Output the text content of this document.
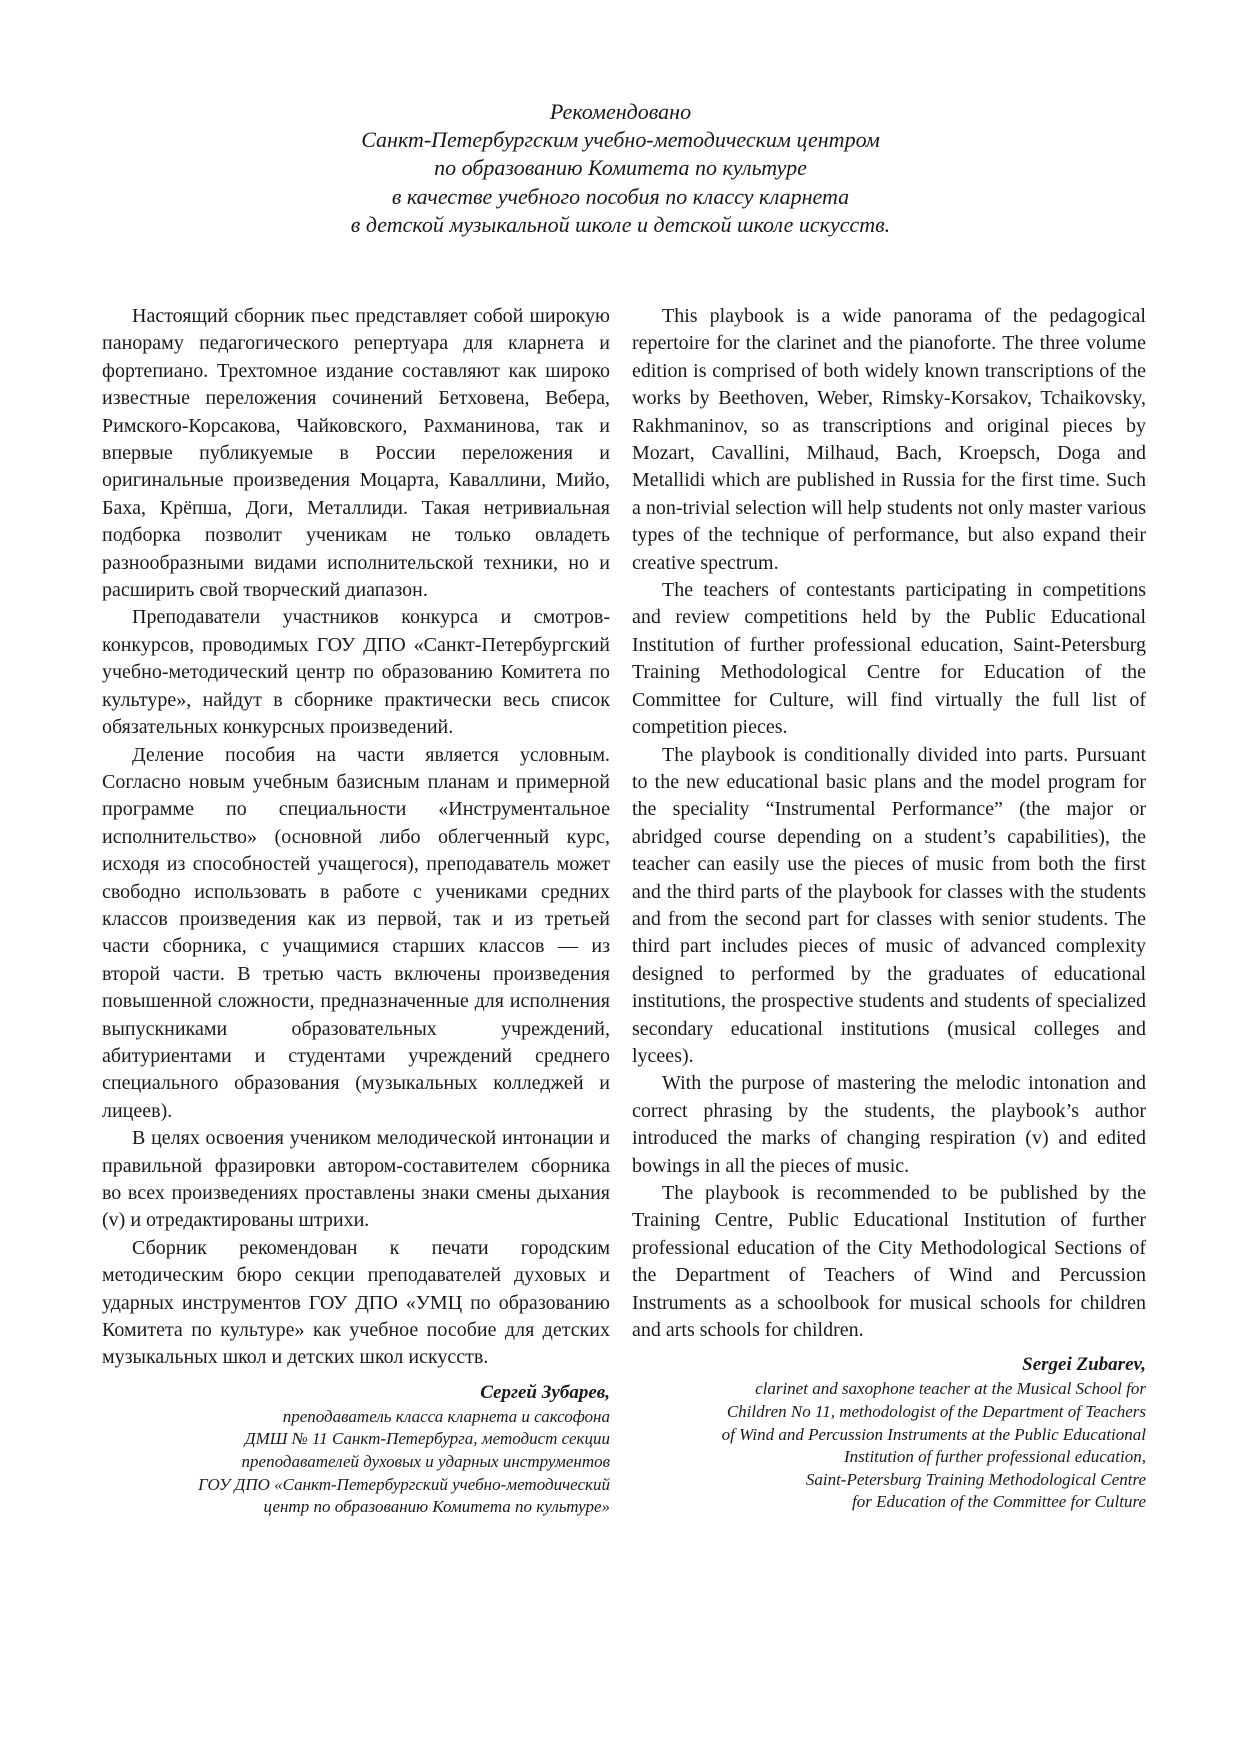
Рекомендовано
Санкт-Петербургским учебно-методическим центром
по образованию Комитета по культуре
в качестве учебного пособия по классу кларнета
в детской музыкальной школе и детской школе искусств.

Настоящий сборник пьес представляет собой широкую панораму педагогического репертуара для кларнета и фортепиано. Трехтомное издание составляют как широко известные переложения сочинений Бетховена, Вебера, Римского-Корсакова, Чайковского, Рахманинова, так и впервые публикуемые в России переложения и оригинальные произведения Моцарта, Каваллини, Мийо, Баха, Крёпша, Доги, Металлиди. Такая нетривиальная подборка позволит ученикам не только овладеть разнообразными видами исполнительской техники, но и расширить свой творческий диапазон.

Преподаватели участников конкурса и смотров-конкурсов, проводимых ГОУ ДПО «Санкт-Петербургский учебно-методический центр по образованию Комитета по культуре», найдут в сборнике практически весь список обязательных конкурсных произведений.

Деление пособия на части является условным. Согласно новым учебным базисным планам и примерной программе по специальности «Инструментальное исполнительство» (основной либо облегченный курс, исходя из способностей учащегося), преподаватель может свободно использовать в работе с учениками средних классов произведения как из первой, так и из третьей части сборника, с учащимися старших классов — из второй части. В третью часть включены произведения повышенной сложности, предназначенные для исполнения выпускниками образовательных учреждений, абитуриентами и студентами учреждений среднего специального образования (музыкальных колледжей и лицеев).

В целях освоения учеником мелодической интонации и правильной фразировки автором-составителем сборника во всех произведениях проставлены знаки смены дыхания (v) и отредактированы штрихи.

Сборник рекомендован к печати городским методическим бюро секции преподавателей духовых и ударных инструментов ГОУ ДПО «УМЦ по образованию Комитета по культуре» как учебное пособие для детских музыкальных школ и детских школ искусств.

Сергей Зубарев,
преподаватель класса кларнета и саксофона
ДМШ № 11 Санкт-Петербурга, методист секции
преподавателей духовых и ударных инструментов
ГОУ ДПО «Санкт-Петербургский учебно-методический
центр по образованию Комитета по культуре»

This playbook is a wide panorama of the pedagogical repertoire for the clarinet and the pianoforte. The three volume edition is comprised of both widely known transcriptions of the works by Beethoven, Weber, Rimsky-Korsakov, Tchaikovsky, Rakhmaninov, so as transcriptions and original pieces by Mozart, Cavallini, Milhaud, Bach, Kroepsch, Doga and Metallidi which are published in Russia for the first time. Such a non-trivial selection will help students not only master various types of the technique of performance, but also expand their creative spectrum.

The teachers of contestants participating in competitions and review competitions held by the Public Educational Institution of further professional education, Saint-Petersburg Training Methodological Centre for Education of the Committee for Culture, will find virtually the full list of competition pieces.

The playbook is conditionally divided into parts. Pursuant to the new educational basic plans and the model program for the speciality “Instrumental Performance” (the major or abridged course depending on a student’s capabilities), the teacher can easily use the pieces of music from both the first and the third parts of the playbook for classes with the students and from the second part for classes with senior students. The third part includes pieces of music of advanced complexity designed to performed by the graduates of educational institutions, the prospective students and students of specialized secondary educational institutions (musical colleges and lycees).

With the purpose of mastering the melodic intonation and correct phrasing by the students, the playbook’s author introduced the marks of changing respiration (v) and edited bowings in all the pieces of music.

The playbook is recommended to be published by the Training Centre, Public Educational Institution of further professional education of the City Methodological Sections of the Department of Teachers of Wind and Percussion Instruments as a schoolbook for musical schools for children and arts schools for children.

Sergei Zubarev,
clarinet and saxophone teacher at the Musical School for
Children No 11, methodologist of the Department of Teachers
of Wind and Percussion Instruments at the Public Educational
Institution of further professional education,
Saint-Petersburg Training Methodological Centre
for Education of the Committee for Culture
